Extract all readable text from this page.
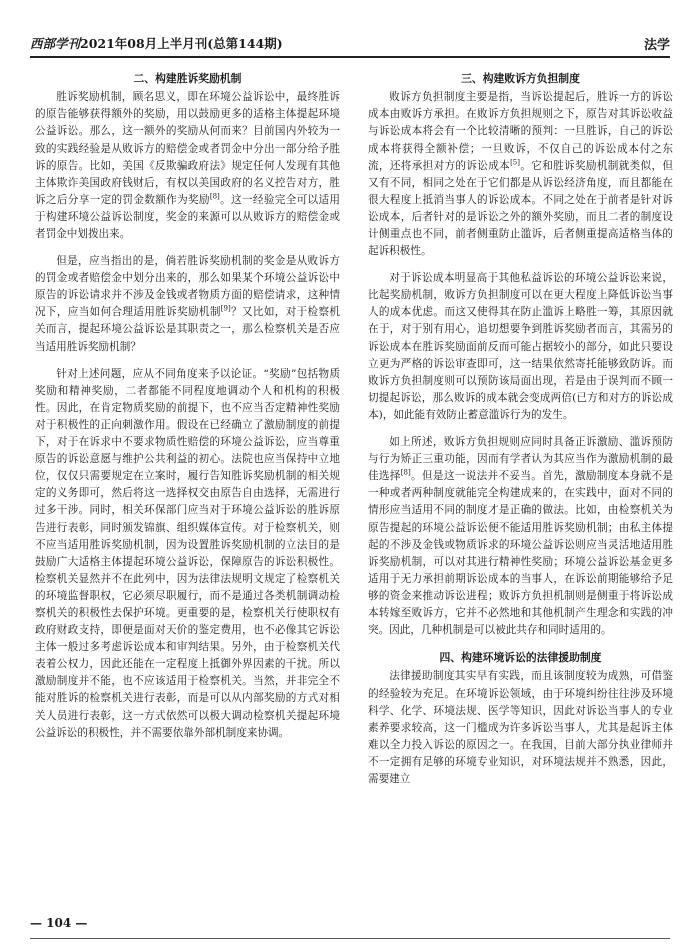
西部学刊2021年08月上半月刊(总第144期)	法学
二、构建胜诉奖励机制

胜诉奖励机制，顾名思义，即在环境公益诉讼中，最终胜诉的原告能够获得额外的奖励，用以鼓励更多的适格主体提起环境公益诉讼。那么，这一额外的奖励从何而来？目前国内外较为一致的实践经验是从败诉方的赔偿金或者罚金中分出一部分给予胜诉的原告。比如，美国《反欺骗政府法》规定任何人发现有其他主体欺诈美国政府钱财后，有权以美国政府的名义控告对方，胜诉之后分享一定的罚金数额作为奖励[8]。这一经验完全可以适用于构建环境公益诉讼制度，奖金的来源可以从败诉方的赔偿金或者罚金中划拨出来。

但是，应当指出的是，倘若胜诉奖励机制的奖金是从败诉方的罚金或者赔偿金中划分出来的，那么如果某个环境公益诉讼中原告的诉讼请求并不涉及金钱或者物质方面的赔偿请求，这种情况下，应当如何合理适用胜诉奖励机制[9]？又比如，对于检察机关而言，提起环境公益诉讼是其职责之一，那么检察机关是否应当适用胜诉奖励机制？

针对上述问题，应从不同角度来予以论证。“奖励”包括物质奖励和精神奖励，二者都能不同程度地调动个人和机构的积极性。因此，在肯定物质奖励的前提下，也不应当否定精神性奖励对于积极性的正向刺激作用。假设在已经确立了激励制度的前提下，对于在诉求中不要求物质性赔偿的环境公益诉讼，应当尊重原告的诉讼意愿与维护公共利益的初心。法院也应当保持中立地位，仅仅只需要规定在立案时，履行告知胜诉奖励机制的相关规定的义务即可，然后将这一选择权交由原告自由选择，无需进行过多干涉。同时，相关环保部门应当对于环境公益诉讼的胜诉原告进行表彰，同时颁发锦旗、组织媒体宣传。对于检察机关，则不应当适用胜诉奖励机制，因为设置胜诉奖励机制的立法目的是鼓励广大适格主体提起环境公益诉讼，保障原告的诉讼积极性。检察机关显然并不在此列中，因为法律法规明文规定了检察机关的环境监督职权，它必须尽职履行，而不是通过各类机制调动检察机关的积极性去保护环境。更重要的是，检察机关行使职权有政府财政支持，即便是面对天价的鉴定费用，也不必像其它诉讼主体一般过多考虑诉讼成本和审判结果。另外，由于检察机关代表着公权力，因此还能在一定程度上抵御外界因素的干扰。所以激励制度并不能，也不应该适用于检察机关。当然，并非完全不能对胜诉的检察机关进行表彰，而是可以从内部奖励的方式对相关人员进行表彰，这一方式依然可以极大调动检察机关提起环境公益诉讼的积极性，并不需要依靠外部机制度来协调。

三、构建败诉方负担制度

败诉方负担制度主要是指，当诉讼提起后，胜诉一方的诉讼成本由败诉方承担。在败诉方负担规则之下，原告对其诉讼收益与诉讼成本将会有一个比较清晰的预判：一旦胜诉，自己的诉讼成本将获得全额补偿；一旦败诉，不仅自己的诉讼成本付之东流，还将承担对方的诉讼成本[5]。它和胜诉奖励机制就类似，但又有不同，相同之处在于它们都是从诉讼经济角度，而且都能在很大程度上抵消当事人的诉讼成本。不同之处在于前者是针对诉讼成本，后者针对的是诉讼之外的额外奖励，而且二者的制度设计侧重点也不同，前者侧重防止滥诉，后者侧重提高适格当体的起诉积极性。

对于诉讼成本明显高于其他私益诉讼的环境公益诉讼来说，比起奖励机制，败诉方负担制度可以在更大程度上降低诉讼当事人的成本优虑。而这又使得其在防止滥诉上略胜一筹，其原因就在于，对于别有用心，追切想要争到胜诉奖励者而言，其需另的诉讼成本在胜诉奖励面前反而可能占据较小的部分，如此只要设立更为严格的诉讼审查即可，这一结果依然寄托能够致防诉。而败诉方负担制度则可以预防该局面出现，若是由于误判而不顾一切提起诉讼，那么败诉的成本就会变成两倍(已方和对方的诉讼成本)，如此能有效防止蓄意滥诉行为的发生。

如上所述，败诉方负担规则应同时具备正诉激励、滥诉预防与行为矫正三重功能，因而有学者认为其应当作为激励机制的最佳选择[8]。但是这一说法并不妥当。首先，激励制度本身就不是一种或者两种制度就能完全构建成来的，在实践中，面对不同的情形应当适用不同的制度才是正确的做法。比如，由检察机关为原告提起的环境公益诉讼便不能适用胜诉奖励机制；由私主体提起的不涉及金钱或物质诉求的环境公益诉讼则应当灵活地适用胜诉奖励机制，可以对其进行精神性奖励；环境公益诉讼基金更多适用于无力承担前期诉讼成本的当事人，在诉讼前期能够给予足够的资金来推动诉讼进程；败诉方负担机制则是侧重于将诉讼成本转嫁至败诉方，它并不必然地和其他机制产生理念和实践的冲突。因此，几种机制是可以被此共存和同时适用的。

四、构建环境诉讼的法律援助制度

法律援助制度其实早有实践，而且该制度较为成熟，可借鉴的经验较为充足。在环境诉讼领域，由于环境纠纷往往涉及环境科学、化学、环境法规、医学等知识，因此对诉讼当事人的专业素养要求较高，这一门槛成为许多诉讼当事人，尤其是起诉主体难以全力投入诉讼的原因之一。在我国，目前大部分执业律师并不一定拥有足够的环境专业知识，对环境法规并不熟悉，因此，需要建立

— 104 —
